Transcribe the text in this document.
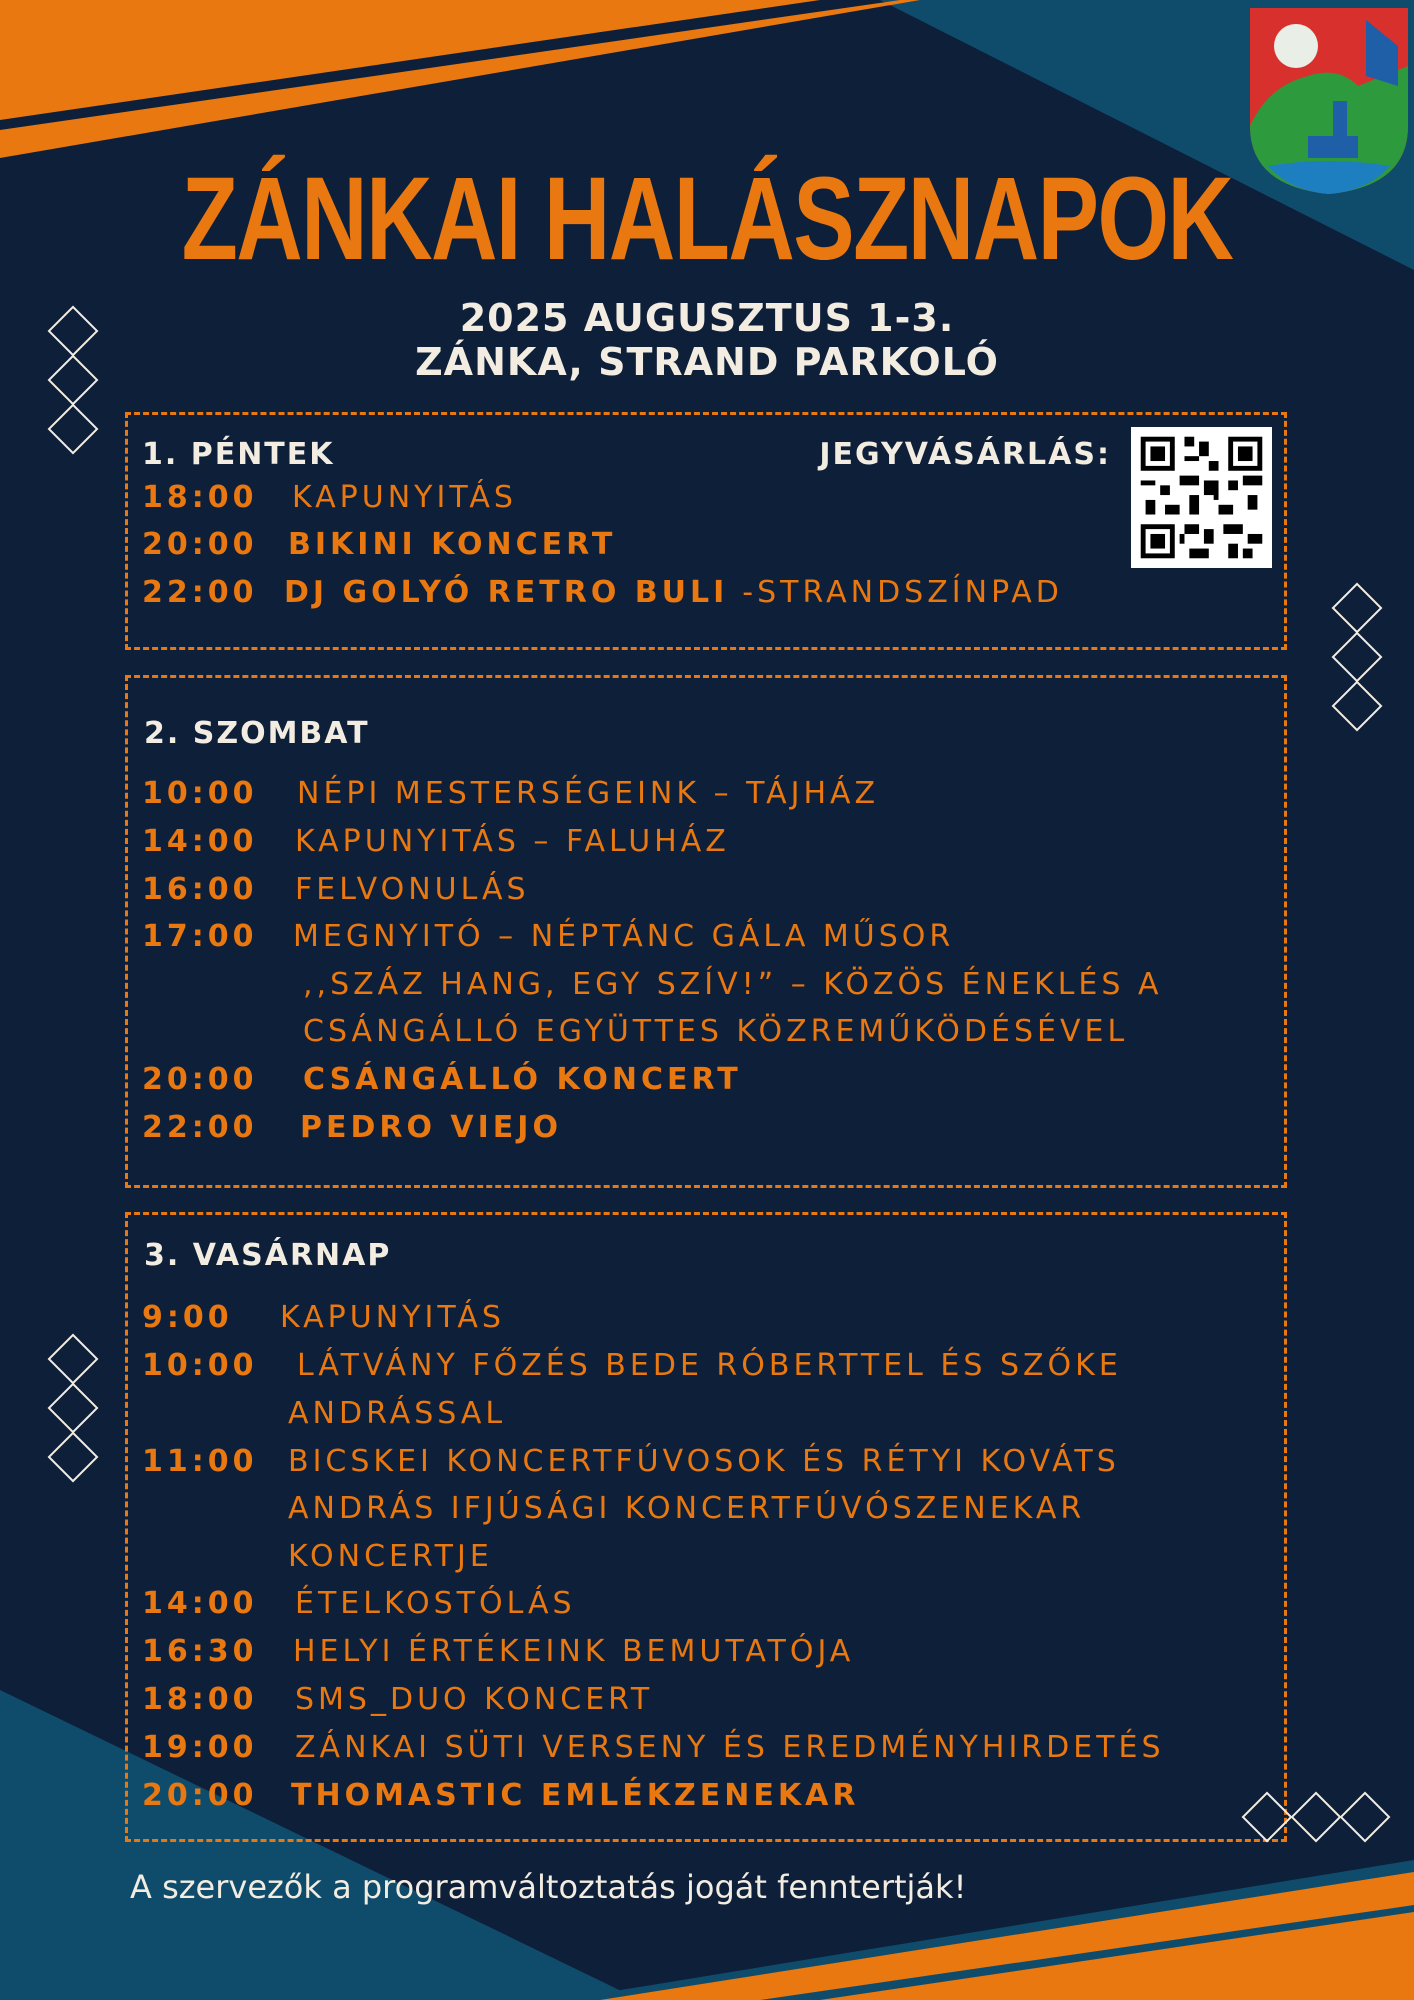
ZÁNKAI HALÁSZNAPOK
2025 AUGUSZTUS 1-3.
ZÁNKA, STRAND PARKOLÓ
1. PÉNTEK	JEGYVÁSÁRLÁS:
18:00 KAPUNYITÁS
20:00 BIKINI KONCERT
22:00 DJ GOLYÓ RETRO BULI -STRANDSZÍNPAD
2. SZOMBAT
10:00 NÉPI MESTERSÉGEINK – TÁJHÁZ
14:00 KAPUNYITÁS – FALUHÁZ
16:00 FELVONULÁS
17:00 MEGNYITÓ – NÉPTÁNC GÁLA MŰSOR
,,SZÁZ HANG, EGY SZÍV!” – KÖZÖS ÉNEKLÉS A
CSÁNGÁLLÓ EGYÜTTES KÖZREMŰKÖDÉSÉVEL
20:00 CSÁNGÁLLÓ KONCERT
22:00 PEDRO VIEJO
3. VASÁRNAP
9:00 KAPUNYITÁS
10:00 LÁTVÁNY FŐZÉS BEDE RÓBERTTEL ÉS SZŐKE
ANDRÁSSAL
11:00 BICSKEI KONCERTFÚVOSOK ÉS RÉTYI KOVÁTS
ANDRÁS IFJÚSÁGI KONCERTFÚVÓSZENEKAR
KONCERTJE
14:00 ÉTELKOSTÓLÁS
16:30 HELYI ÉRTÉKEINK BEMUTATÓJA
18:00 SMS_DUO KONCERT
19:00 ZÁNKAI SÜTI VERSENY ÉS EREDMÉNYHIRDETÉS
20:00 THOMASTIC EMLÉKZENEKAR
A szervezők a programváltoztatás jogát fenntertják!
